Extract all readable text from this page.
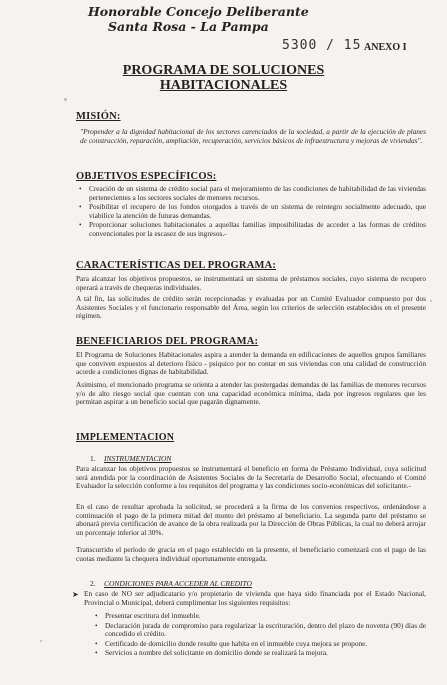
Honorable Concejo Deliberante
Santa Rosa - La Pampa
5300 / 15 ANEXO I
PROGRAMA DE SOLUCIONES
HABITACIONALES
MISIÓN:
"Propender a la dignidad habitacional de los sectores carenciados de la sociedad, a partir de la ejecución de planes de construcción, reparación, ampliación, recuperación, servicios básicos de infraestructura y mejoras de viviendas".
OBJETIVOS ESPECÍFICOS:
• Creación de un sistema de crédito social para el mejoramiento de las condiciones de habitabilidad de las viviendas pertenecientes a los sectores sociales de menores recursos.
• Posibilitar el recupero de los fondos otorgados a través de un sistema de reintegro socialmente adecuado, que viabilice la atención de futuras demandas.
• Proporcionar soluciones habitacionales a aquellas familias imposibilitadas de acceder a las formas de créditos convencionales por la escasez de sus ingresos.-
CARACTERÍSTICAS DEL PROGRAMA:
Para alcanzar los objetivos propuestos, se instrumentará un sistema de préstamos sociales, cuyo sistema de recupero operará a través de chequeras individuales.
A tal fin, las solicitudes de crédito serán recepcionadas y evaluadas por un Comité Evaluador compuesto por dos Asistentes Sociales y el funcionario responsable del Área, según los criterios de selección establecidos en el presente régimen.
BENEFICIARIOS DEL PROGRAMA:
El Programa de Soluciones Habitacionales aspira a atender la demanda en edificaciones de aquellos grupos familiares que conviven expuestos al deterioro físico - psíquico por no contar en sus viviendas con una calidad de construcción acorde a condiciones dignas de habitabilidad.
Asimismo, el mencionado programa se orienta a atender las postergadas demandas de las familias de menores recursos y/o de alto riesgo social que cuentan con una capacidad económica mínima, dada por ingresos regulares que les permitan aspirar a un beneficio social que pagarán dignamente.
IMPLEMENTACION
1. INSTRUMENTACION
Para alcanzar los objetivos propuestos se instrumentará el beneficio en forma de Préstamo Individual, cuya solicitud será atendida por la coordinación de Asistentes Sociales de la Secretaría de Desarrollo Social, efectuando el Comité Evaluador la selección conforme a los requisitos del programa y las condiciones socio-económicas del solicitante.-
En el caso de resultar aprobada la solicitud, se procederá a la firma de los convenios respectivos, ordenándose a continuación el pago de la primera mitad del monto del préstamo al beneficiario. La segunda parte del préstamo se abonará previa certificación de avance de la obra realizada por la Dirección de Obras Públicas, la cual no deberá arrojar un porcentaje inferior al 30%.
Transcurrido el período de gracia en el pago establecido en la presente, el beneficiario comenzará con el pago de las cuotas mediante la chequera individual oportunamente entregada.
2. CONDICIONES PARA ACCEDER AL CREDITO
➤ En caso de NO ser adjudicatario y/o propietario de vivienda que haya sido financiada por el Estado Nacional, Provincial o Municipal, deberá cumplimentar los siguientes requisitos:
• Presentar escritura del inmueble.
• Declaración jurada de compromiso para regularizar la escrituración, dentro del plazo de noventa (90) días de concedido el crédito.
• Certificado de domicilio donde resulte que habita en el inmueble cuya mejora se propone.
• Servicios a nombre del solicitante en domicilio donde se realizará la mejora.
